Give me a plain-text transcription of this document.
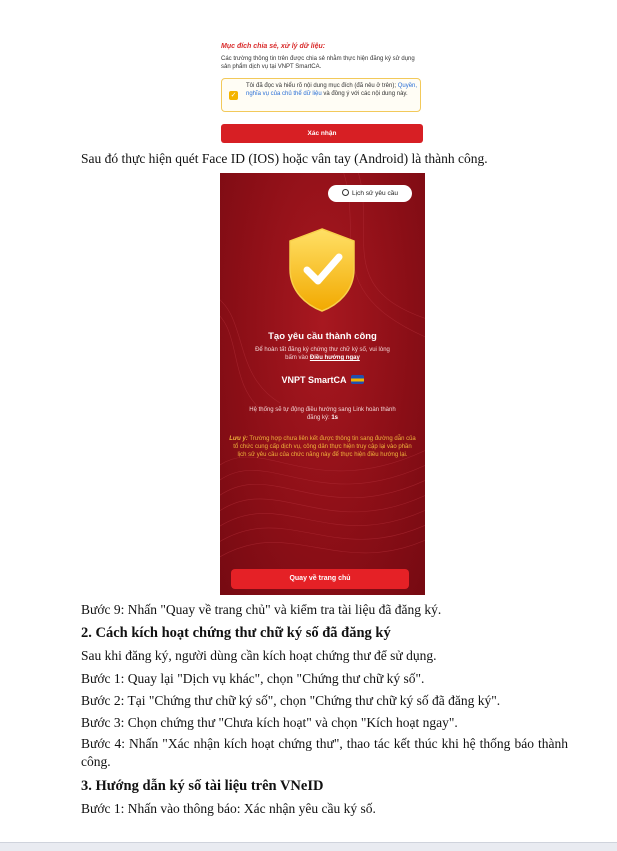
Mục đích chia sẻ, xử lý dữ liệu:
Các trường thông tin trên được chia sẻ nhằm thực hiện đăng ký sử dụng sản phẩm dịch vụ tại VNPT SmartCA.
✓
Tôi đã đọc và hiểu rõ nội dung mục đích (đã nêu ở trên); Quyền, nghĩa vụ của chủ thể dữ liệu và đồng ý với các nội dung này.
Xác nhận
Sau đó thực hiện quét Face ID (IOS) hoặc vân tay (Android) là thành công.
Lịch sử yêu cầu
Tạo yêu cầu thành công
Để hoàn tất đăng ký chứng thư chữ ký số, vui lòng
bấm vào Điều hướng ngay
VNPT SmartCA
Hệ thống sẽ tự động điều hướng sang Link hoàn thành
đăng ký: 1s
Lưu ý: Trường hợp chưa liên kết được thông tin sang đường dẫn của tổ chức cung cấp dịch vụ, công dân thực hiện truy cập lại vào phần lịch sử yêu cầu của chức năng này để thực hiện điều hướng lại.
Quay về trang chủ
Bước 9: Nhấn "Quay về trang chủ" và kiểm tra tài liệu đã đăng ký.
2. Cách kích hoạt chứng thư chữ ký số đã đăng ký
Sau khi đăng ký, người dùng cần kích hoạt chứng thư để sử dụng.
Bước 1: Quay lại "Dịch vụ khác", chọn "Chứng thư chữ ký số".
Bước 2: Tại "Chứng thư chữ ký số", chọn "Chứng thư chữ ký số đã đăng ký".
Bước 3: Chọn chứng thư "Chưa kích hoạt" và chọn "Kích hoạt ngay".
Bước 4: Nhấn "Xác nhận kích hoạt chứng thư", thao tác kết thúc khi hệ thống báo thành công.
3. Hướng dẫn ký số tài liệu trên VNeID
Bước 1: Nhấn vào thông báo: Xác nhận yêu cầu ký số.
